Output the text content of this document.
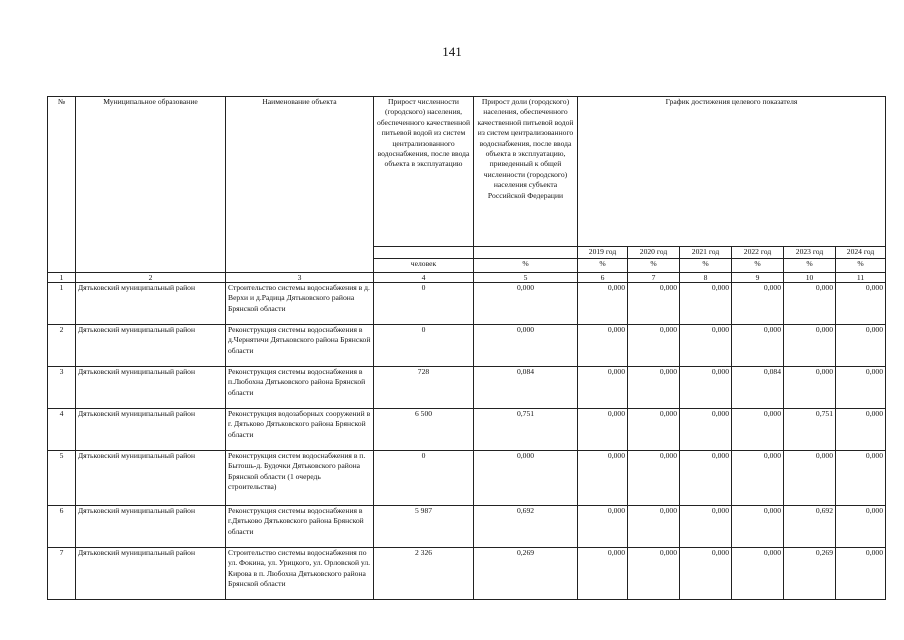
141
№	Муниципальное образование	Наименование объекта	Прирост численности (городского) населения, обеспеченного качественной питьевой водой из систем централизованного водоснабжения, после ввода объекта в эксплуатацию	Прирост доли (городского) населения, обеспеченного качественной питьевой водой из систем централизованного водоснабжения, после ввода объекта в эксплуатацию, приведенный к общей численности (городского) населения субъекта Российской Федерации	График достижения целевого показателя					
					2019 год	2020 год	2021 год	2022 год	2023 год	2024 год
			человек	%	%	%	%	%	%	%
1	2	3	4	5	6	7	8	9	10	11
1	Дятьковский муниципальный район	Строительство системы водоснабжения в д. Верхи и д.Радица Дятьковского района Брянской области	0	0,000	0,000	0,000	0,000	0,000	0,000	0,000
2	Дятьковский муниципальный район	Реконструкция системы водоснабжения в д.Чернятичи Дятьковского района Брянской области	0	0,000	0,000	0,000	0,000	0,000	0,000	0,000
3	Дятьковский муниципальный район	Реконструкция системы водоснабжения в п.Любохна Дятьковского района Брянской области	728	0,084	0,000	0,000	0,000	0,084	0,000	0,000
4	Дятьковский муниципальный район	Реконструкция водозаборных сооружений в г. Дятьково Дятьковского района Брянской области	6 500	0,751	0,000	0,000	0,000	0,000	0,751	0,000
5	Дятьковский муниципальный район	Реконструкция систем водоснабжения в п. Бытошь-д. Будочки Дятьковского района Брянской области (1 очередь строительства)	0	0,000	0,000	0,000	0,000	0,000	0,000	0,000
6	Дятьковский муниципальный район	Реконструкция системы водоснабжения в г.Дятьково Дятьковского района Брянской области	5 987	0,692	0,000	0,000	0,000	0,000	0,692	0,000
7	Дятьковский муниципальный район	Строительство системы водоснабжения по ул. Фокина, ул. Урицкого, ул. Орловской ул. Кирова в п. Любохна Дятьковского района Брянской области	2 326	0,269	0,000	0,000	0,000	0,000	0,269	0,000
